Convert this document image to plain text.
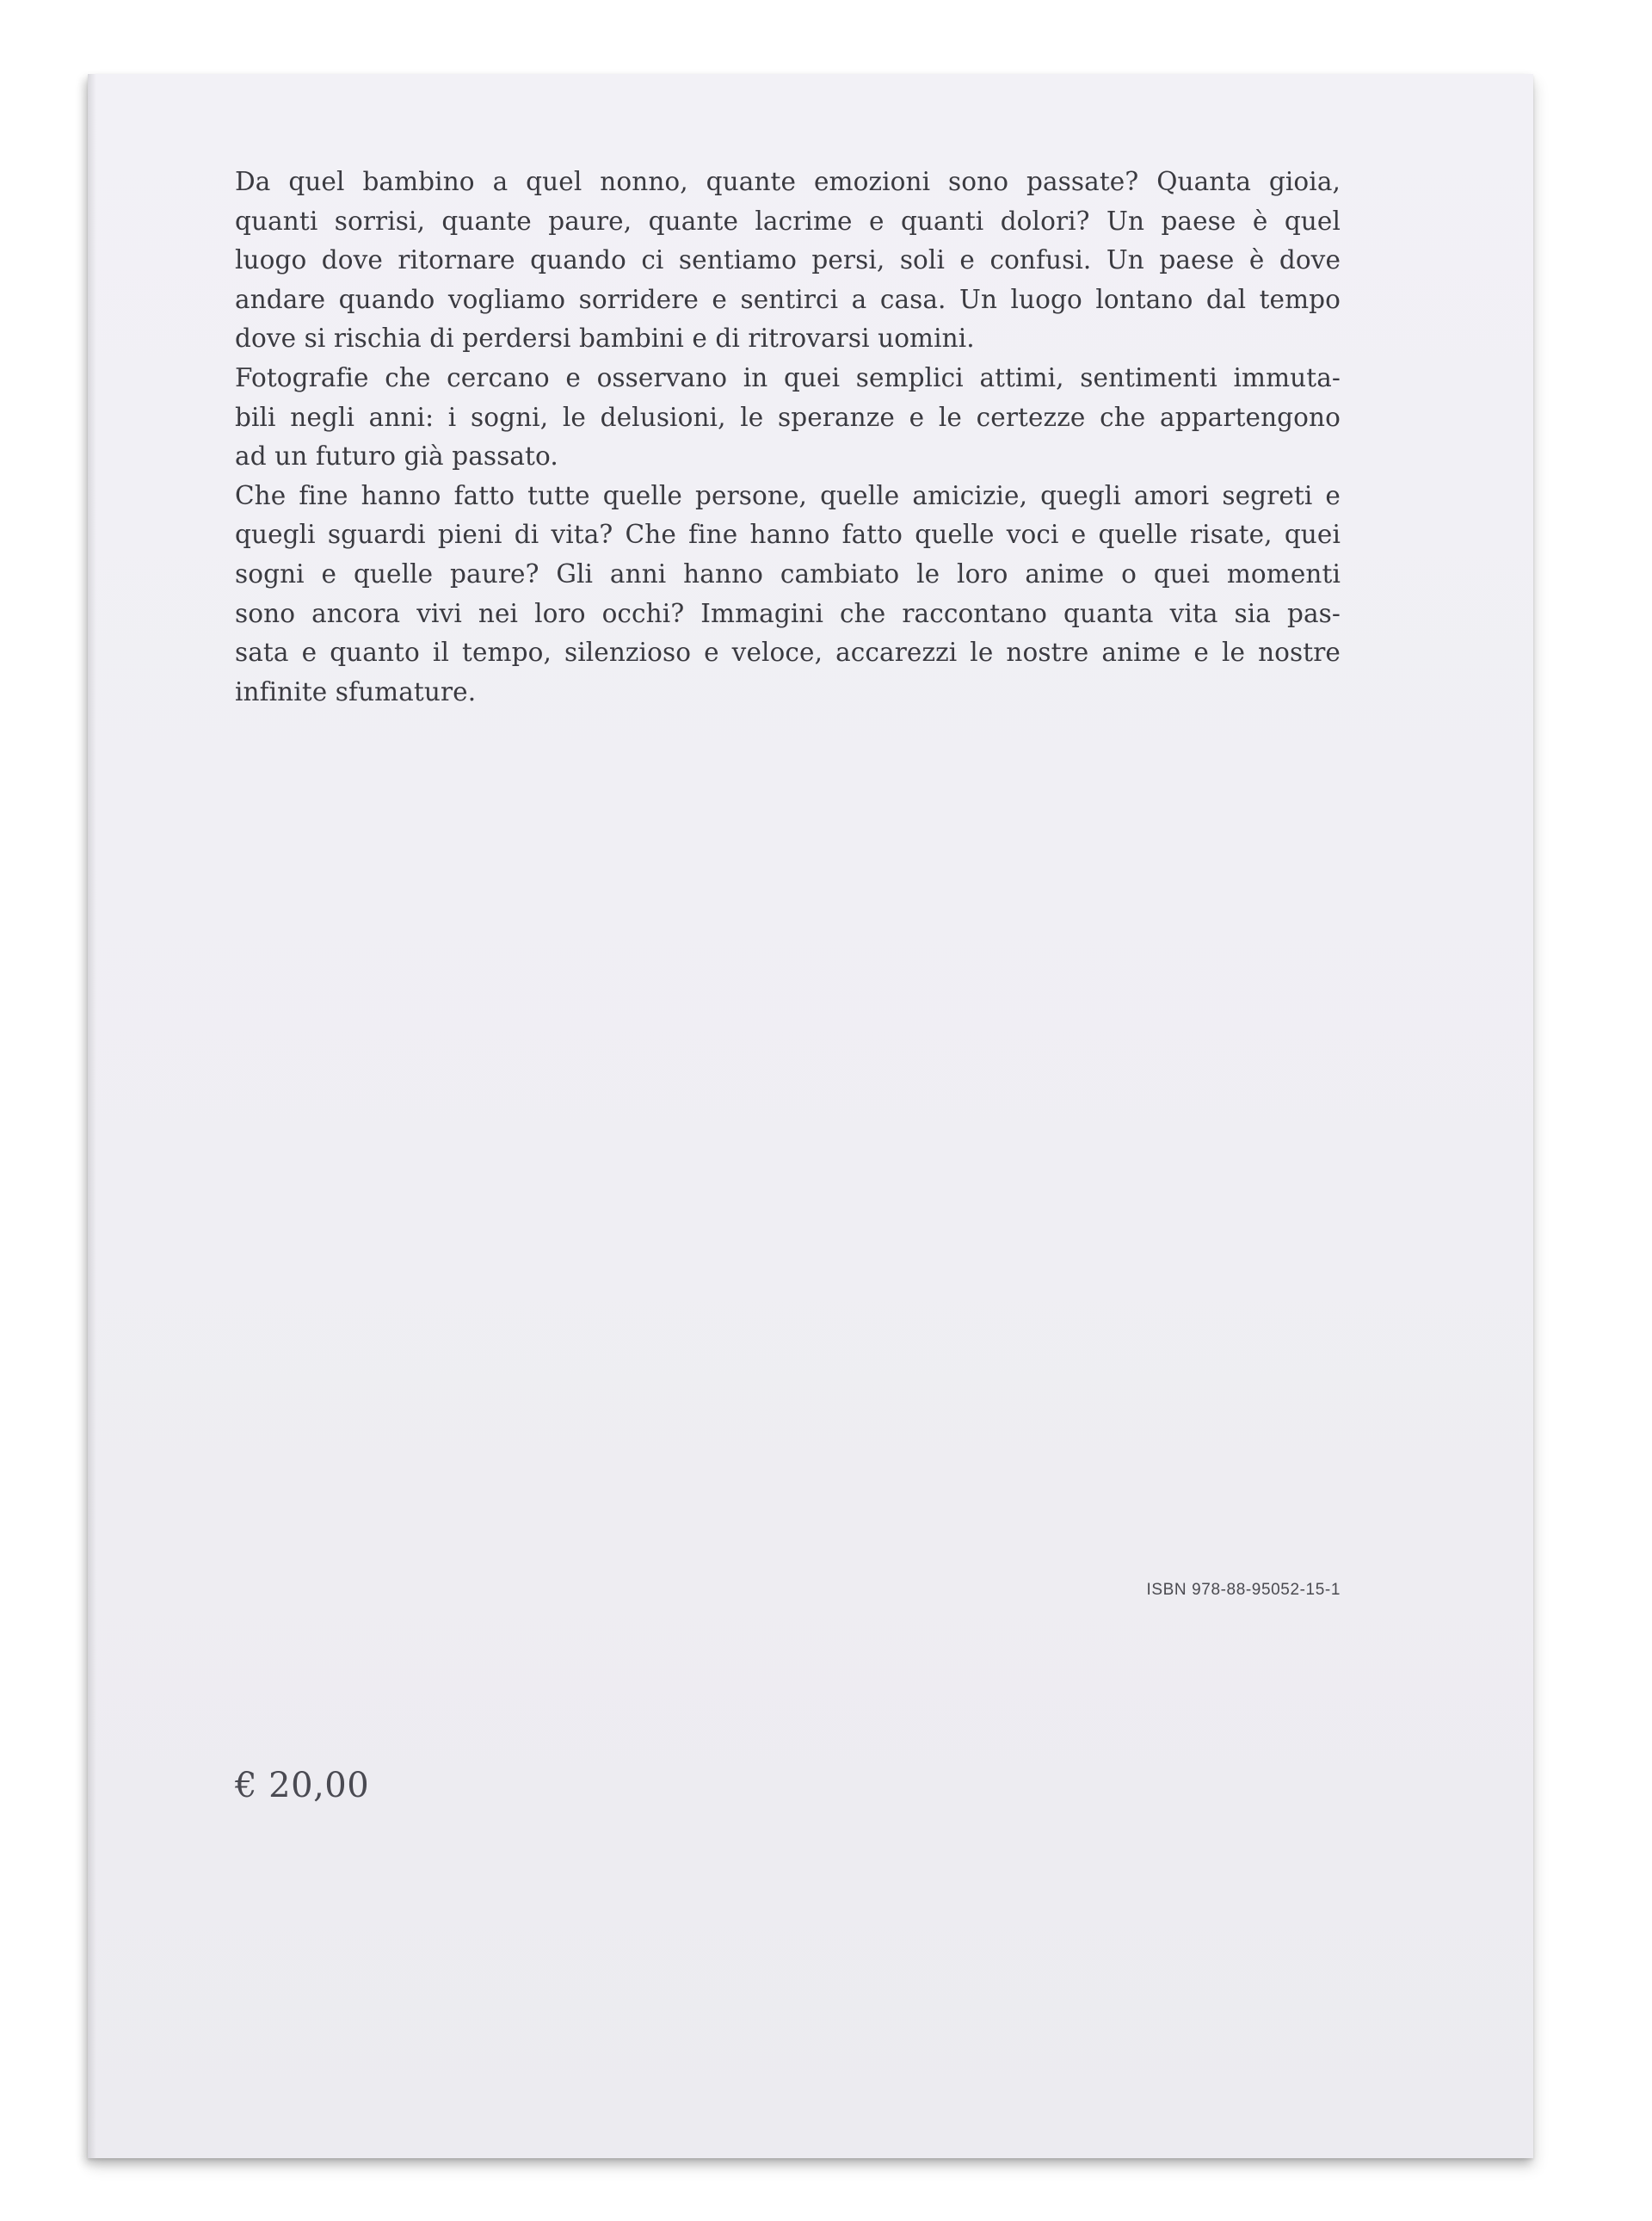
Da quel bambino a quel nonno, quante emozioni sono passate? Quanta gioia,
quanti sorrisi, quante paure, quante lacrime e quanti dolori? Un paese è quel
luogo dove ritornare quando ci sentiamo persi, soli e confusi. Un paese è dove
andare quando vogliamo sorridere e sentirci a casa. Un luogo lontano dal tempo
dove si rischia di perdersi bambini e di ritrovarsi uomini.
Fotografie che cercano e osservano in quei semplici attimi, sentimenti immuta-
bili negli anni: i sogni, le delusioni, le speranze e le certezze che appartengono
ad un futuro già passato.
Che fine hanno fatto tutte quelle persone, quelle amicizie, quegli amori segreti e
quegli sguardi pieni di vita? Che fine hanno fatto quelle voci e quelle risate, quei
sogni e quelle paure? Gli anni hanno cambiato le loro anime o quei momenti
sono ancora vivi nei loro occhi? Immagini che raccontano quanta vita sia pas-
sata e quanto il tempo, silenzioso e veloce, accarezzi le nostre anime e le nostre
infinite sfumature.
ISBN 978-88-95052-15-1
€ 20,00
